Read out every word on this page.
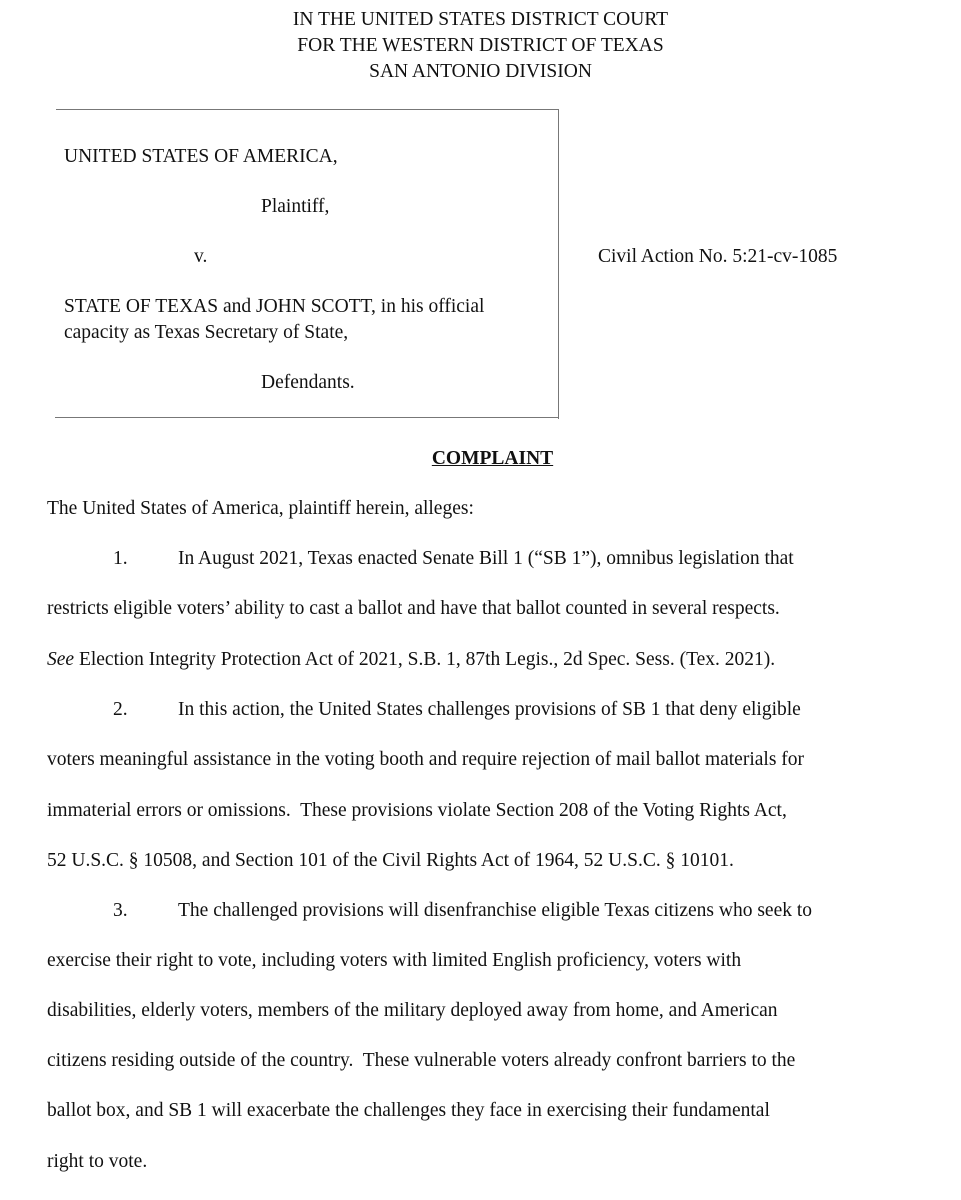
IN THE UNITED STATES DISTRICT COURT
FOR THE WESTERN DISTRICT OF TEXAS
SAN ANTONIO DIVISION
UNITED STATES OF AMERICA,
Plaintiff,
v.
STATE OF TEXAS and JOHN SCOTT, in his official
capacity as Texas Secretary of State,
Defendants.
Civil Action No. 5:21-cv-1085
COMPLAINT
The United States of America, plaintiff herein, alleges:
1.	In August 2021, Texas enacted Senate Bill 1 (“SB 1”), omnibus legislation that
restricts eligible voters’ ability to cast a ballot and have that ballot counted in several respects.
See Election Integrity Protection Act of 2021, S.B. 1, 87th Legis., 2d Spec. Sess. (Tex. 2021).
2.	In this action, the United States challenges provisions of SB 1 that deny eligible
voters meaningful assistance in the voting booth and require rejection of mail ballot materials for
immaterial errors or omissions.  These provisions violate Section 208 of the Voting Rights Act,
52 U.S.C. § 10508, and Section 101 of the Civil Rights Act of 1964, 52 U.S.C. § 10101.
3.	The challenged provisions will disenfranchise eligible Texas citizens who seek to
exercise their right to vote, including voters with limited English proficiency, voters with
disabilities, elderly voters, members of the military deployed away from home, and American
citizens residing outside of the country.  These vulnerable voters already confront barriers to the
ballot box, and SB 1 will exacerbate the challenges they face in exercising their fundamental
right to vote.
